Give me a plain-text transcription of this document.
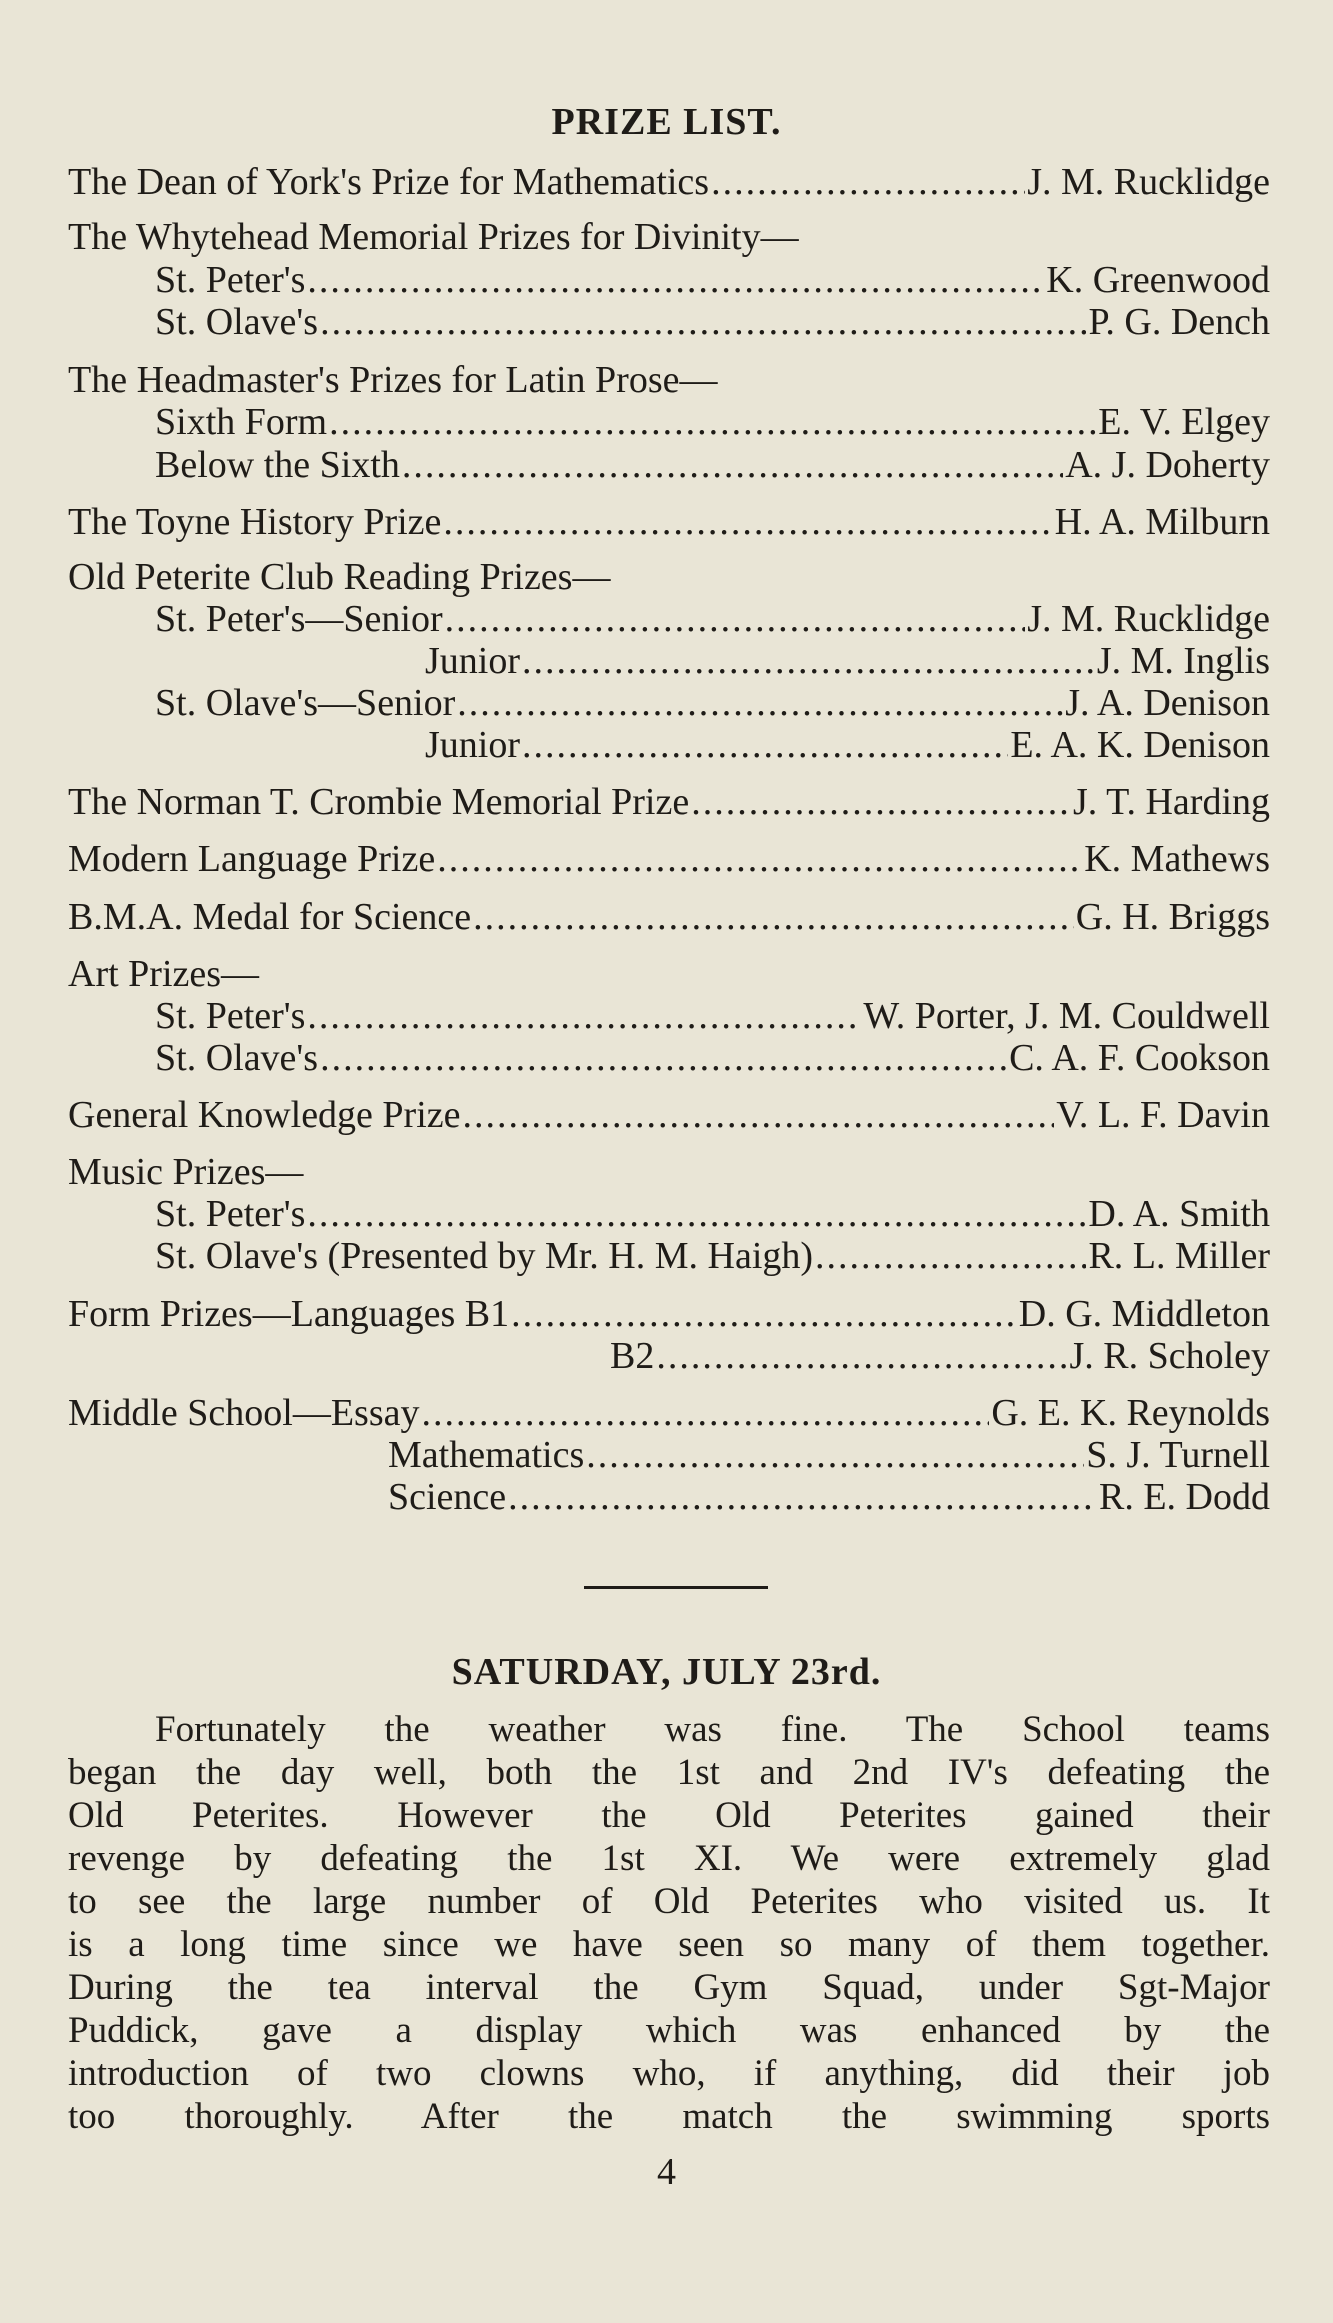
PRIZE LIST.
The Dean of York's Prize for Mathematics .....	J. M. Rucklidge
The Whytehead Memorial Prizes for Divinity—
St. Peter's .....	K. Greenwood
St. Olave's .....	P. G. Dench
The Headmaster's Prizes for Latin Prose—
Sixth Form .....	E. V. Elgey
Below the Sixth .....	A. J. Doherty
The Toyne History Prize .....	H. A. Milburn
Old Peterite Club Reading Prizes—
St. Peter's—Senior .....	J. M. Rucklidge
Junior .....	J. M. Inglis
St. Olave's—Senior .....	J. A. Denison
Junior .....	E. A. K. Denison
The Norman T. Crombie Memorial Prize .....	J. T. Harding
Modern Language Prize .....	K. Mathews
B.M.A. Medal for Science .....	G. H. Briggs
Art Prizes—
St. Peter's .....	W. Porter, J. M. Couldwell
St. Olave's .....	C. A. F. Cookson
General Knowledge Prize .....	V. L. F. Davin
Music Prizes—
St. Peter's .....	D. A. Smith
St. Olave's (Presented by Mr. H. M. Haigh) .....	R. L. Miller
Form Prizes—Languages B1 .....	D. G. Middleton
B2 .....	J. R. Scholey
Middle School—Essay .....	G. E. K. Reynolds
Mathematics .....	S. J. Turnell
Science .....	R. E. Dodd
SATURDAY, JULY 23rd.
Fortunately the weather was fine. The School teams
began the day well, both the 1st and 2nd IV's defeating the
Old Peterites. However the Old Peterites gained their
revenge by defeating the 1st XI. We were extremely glad
to see the large number of Old Peterites who visited us. It
is a long time since we have seen so many of them together.
During the tea interval the Gym Squad, under Sgt-Major
Puddick, gave a display which was enhanced by the
introduction of two clowns who, if anything, did their job
too thoroughly. After the match the swimming sports
4
